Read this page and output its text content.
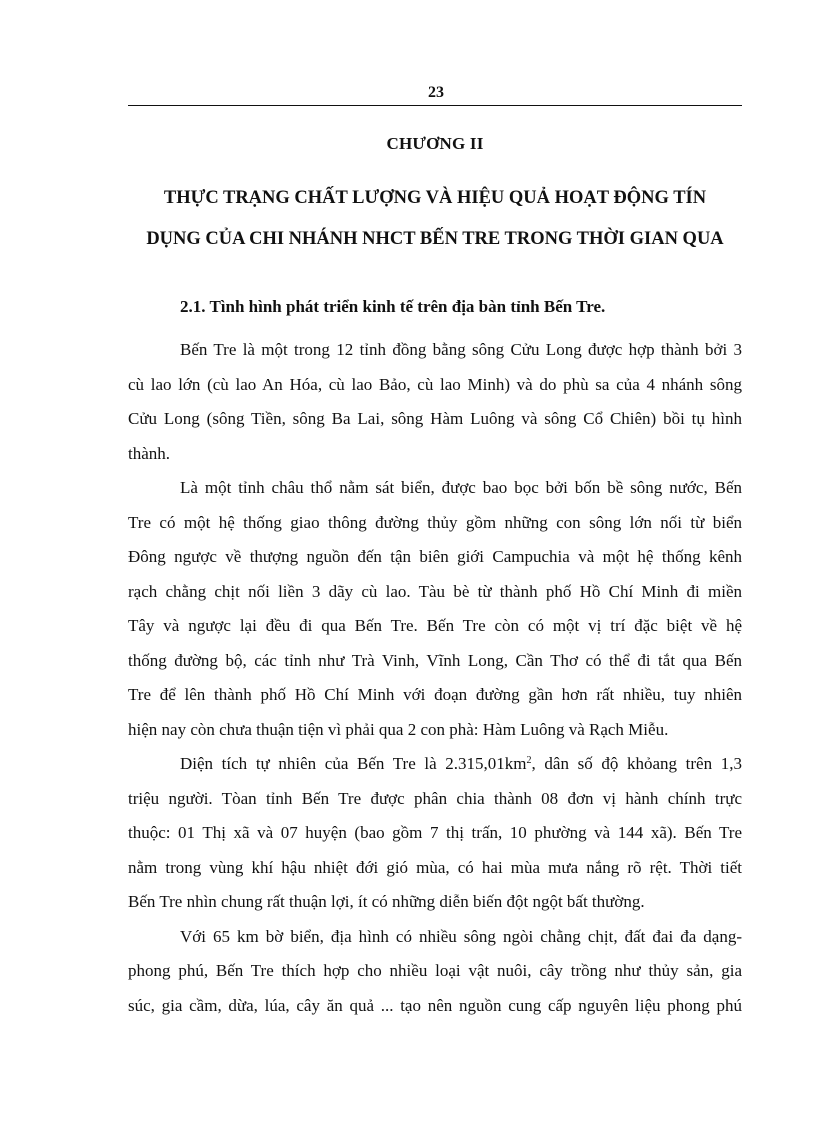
23
CHƯƠNG II
THỰC TRẠNG CHẤT LƯỢNG VÀ HIỆU QUẢ HOẠT ĐỘNG TÍN
DỤNG CỦA CHI NHÁNH NHCT BẾN TRE TRONG THỜI GIAN QUA
2.1. Tình hình phát triển kinh tế trên địa bàn tỉnh Bến Tre.

Bến Tre là một trong 12 tỉnh đồng bằng sông Cửu Long được hợp thành bởi 3
cù lao lớn (cù lao An Hóa, cù lao Bảo, cù lao Minh) và do phù sa của 4 nhánh sông
Cửu Long (sông Tiền, sông Ba Lai, sông Hàm Luông và sông Cổ Chiên) bồi tụ hình
thành.

Là một tỉnh châu thổ nằm sát biển, được bao bọc bởi bốn bề sông nước, Bến
Tre có một hệ thống giao thông đường thủy gồm những con sông lớn nối từ biển
Đông ngược về thượng nguồn đến tận biên giới Campuchia và một hệ thống kênh
rạch chằng chịt nối liền 3 dãy cù lao. Tàu bè từ thành phố Hồ Chí Minh đi miền
Tây và ngược lại đều đi qua Bến Tre. Bến Tre còn có một vị trí đặc biệt về hệ
thống đường bộ, các tỉnh như Trà Vinh, Vĩnh Long, Cần Thơ có thể đi tắt qua Bến
Tre để lên thành phố Hồ Chí Minh với đoạn đường gần hơn rất nhiều, tuy nhiên
hiện nay còn chưa thuận tiện vì phải qua 2 con phà: Hàm Luông và Rạch Miễu.

Diện tích tự nhiên của Bến Tre là $2.315,01km^2$, dân số độ khỏang trên 1,3
triệu người. Tòan tỉnh Bến Tre được phân chia thành 08 đơn vị hành chính trực
thuộc: 01 Thị xã và 07 huyện (bao gồm 7 thị trấn, 10 phường và 144 xã). Bến Tre
nằm trong vùng khí hậu nhiệt đới gió mùa, có hai mùa mưa nắng rõ rệt. Thời tiết
Bến Tre nhìn chung rất thuận lợi, ít có những diễn biến đột ngột bất thường.

Với 65 km bờ biển, địa hình có nhiều sông ngòi chằng chịt, đất đai đa dạng-
phong phú, Bến Tre thích hợp cho nhiều loại vật nuôi, cây trồng như thủy sản, gia
súc, gia cầm, dừa, lúa, cây ăn quả ... tạo nên nguồn cung cấp nguyên liệu phong phú
